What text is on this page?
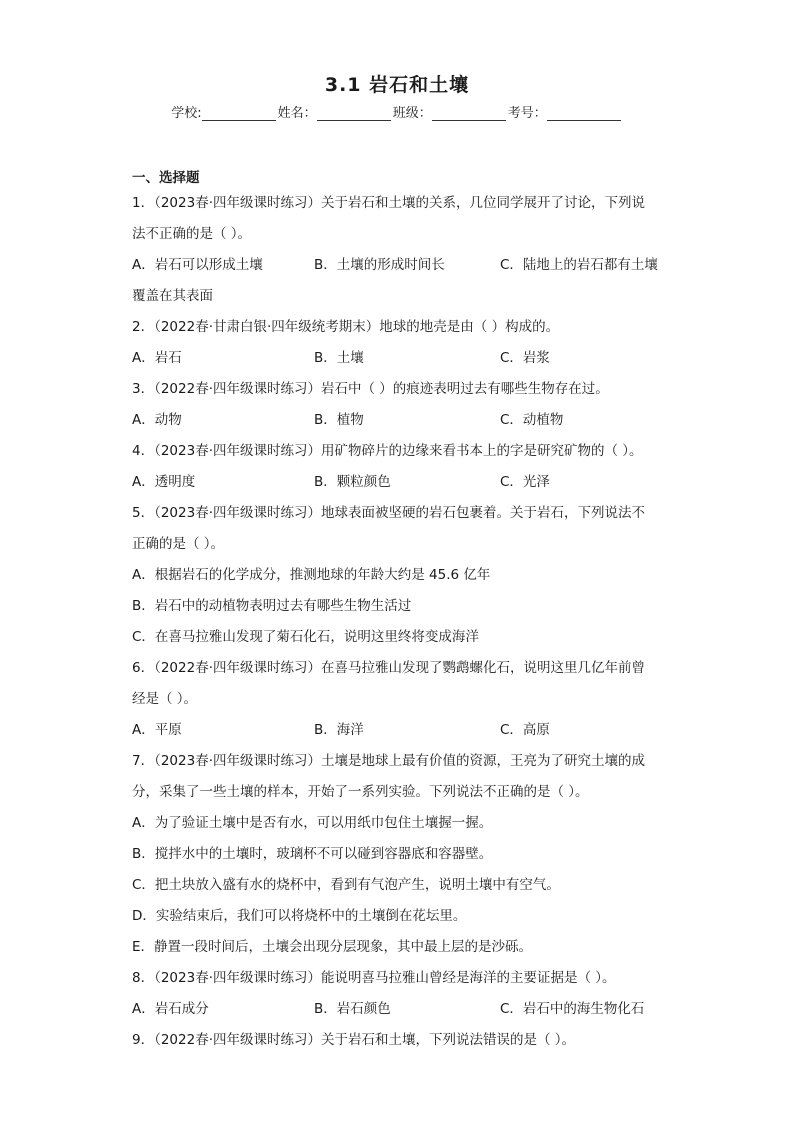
3.1 岩石和土壤
学校:	姓名：	班级：	考号：
一、选择题
1．（2023春·四年级课时练习）关于岩石和土壤的关系，几位同学展开了讨论，下列说
法不正确的是（ ）。
A．岩石可以形成土壤	B．土壤的形成时间长	C．陆地上的岩石都有土壤
覆盖在其表面
2．（2022春·甘肃白银·四年级统考期末）地球的地壳是由（ ）构成的。
A．岩石	B．土壤	C．岩浆
3．（2022春·四年级课时练习）岩石中（ ）的痕迹表明过去有哪些生物存在过。
A．动物	B．植物	C．动植物
4．（2023春·四年级课时练习）用矿物碎片的边缘来看书本上的字是研究矿物的（ ）。
A．透明度	B．颗粒颜色	C．光泽
5．（2023春·四年级课时练习）地球表面被坚硬的岩石包裹着。关于岩石，下列说法不
正确的是（ ）。
A．根据岩石的化学成分，推测地球的年龄大约是 45.6 亿年
B．岩石中的动植物表明过去有哪些生物生活过
C．在喜马拉雅山发现了菊石化石，说明这里终将变成海洋
6．（2022春·四年级课时练习）在喜马拉雅山发现了鹦鹉螺化石，说明这里几亿年前曾
经是（ ）。
A．平原	B．海洋	C．高原
7．（2023春·四年级课时练习）土壤是地球上最有价值的资源，王亮为了研究土壤的成
分，采集了一些土壤的样本，开始了一系列实验。下列说法不正确的是（ ）。
A．为了验证土壤中是否有水，可以用纸巾包住土壤握一握。
B．搅拌水中的土壤时，玻璃杯不可以碰到容器底和容器壁。
C．把土块放入盛有水的烧杯中，看到有气泡产生，说明土壤中有空气。
D．实验结束后，我们可以将烧杯中的土壤倒在花坛里。
E．静置一段时间后，土壤会出现分层现象，其中最上层的是沙砾。
8．（2023春·四年级课时练习）能说明喜马拉雅山曾经是海洋的主要证据是（ ）。
A．岩石成分	B．岩石颜色	C．岩石中的海生物化石
9．（2022春·四年级课时练习）关于岩石和土壤，下列说法错误的是（ ）。
